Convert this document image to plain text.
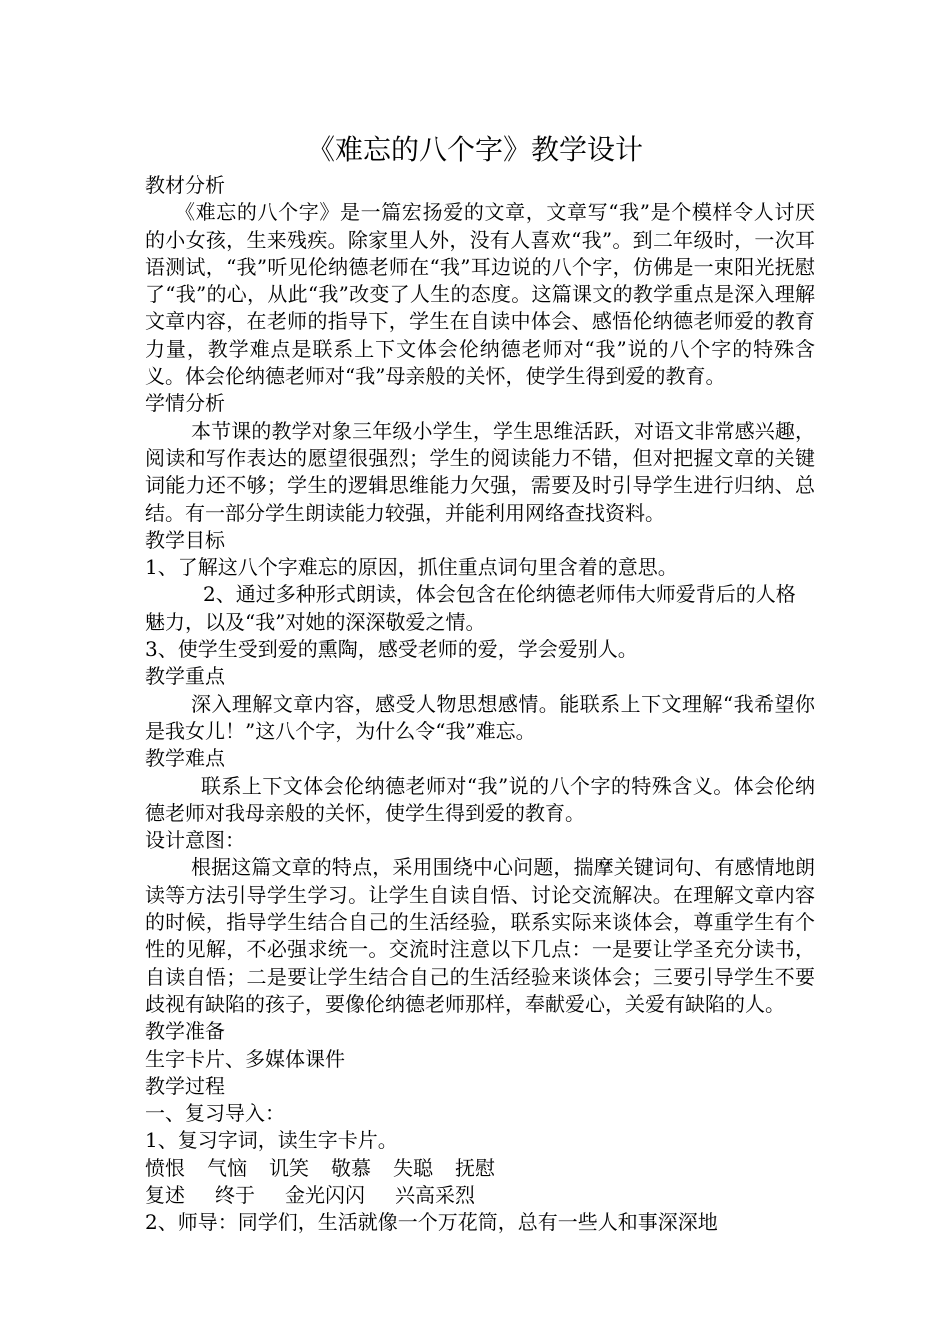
《难忘的八个字》教学设计

教材分析

《难忘的八个字》是一篇宏扬爱的文章，文章写“我”是个模样令人讨厌的小女孩，生来残疾。除家里人外，没有人喜欢“我”。到二年级时，一次耳语测试，“我”听见伦纳德老师在“我”耳边说的八个字，仿佛是一束阳光抚慰了“我”的心，从此“我”改变了人生的态度。这篇课文的教学重点是深入理解文章内容，在老师的指导下，学生在自读中体会、感悟伦纳德老师爱的教育力量，教学难点是联系上下文体会伦纳德老师对“我”说的八个字的特殊含义。体会伦纳德老师对“我”母亲般的关怀，使学生得到爱的教育。

学情分析

本节课的教学对象三年级小学生，学生思维活跃，对语文非常感兴趣，阅读和写作表达的愿望很强烈；学生的阅读能力不错，但对把握文章的关键词能力还不够；学生的逻辑思维能力欠强，需要及时引导学生进行归纳、总结。有一部分学生朗读能力较强，并能利用网络查找资料。

教学目标

1、了解这八个字难忘的原因，抓住重点词句里含着的意思。

2、通过多种形式朗读，体会包含在伦纳德老师伟大师爱背后的人格魅力，以及“我”对她的深深敬爱之情。

3、使学生受到爱的熏陶，感受老师的爱，学会爱别人。

教学重点

深入理解文章内容，感受人物思想感情。能联系上下文理解“我希望你是我女儿！”这八个字，为什么令“我”难忘。

教学难点

联系上下文体会伦纳德老师对“我”说的八个字的特殊含义。体会伦纳德老师对我母亲般的关怀，使学生得到爱的教育。

设计意图：

根据这篇文章的特点，采用围绕中心问题，揣摩关键词句、有感情地朗读等方法引导学生学习。让学生自读自悟、讨论交流解决。在理解文章内容的时候，指导学生结合自己的生活经验，联系实际来谈体会，尊重学生有个性的见解，不必强求统一。交流时注意以下几点：一是要让学圣充分读书，自读自悟；二是要让学生结合自己的生活经验来谈体会；三要引导学生不要歧视有缺陷的孩子，要像伦纳德老师那样，奉献爱心，关爱有缺陷的人。

教学准备

生字卡片、多媒体课件

教学过程

一、复习导入：

1、复习字词，读生字卡片。

愤恨 气恼 讥笑 敬慕 失聪 抚慰

复述 终于 金光闪闪 兴高采烈

2、师导：同学们，生活就像一个万花筒，总有一些人和事深深地
